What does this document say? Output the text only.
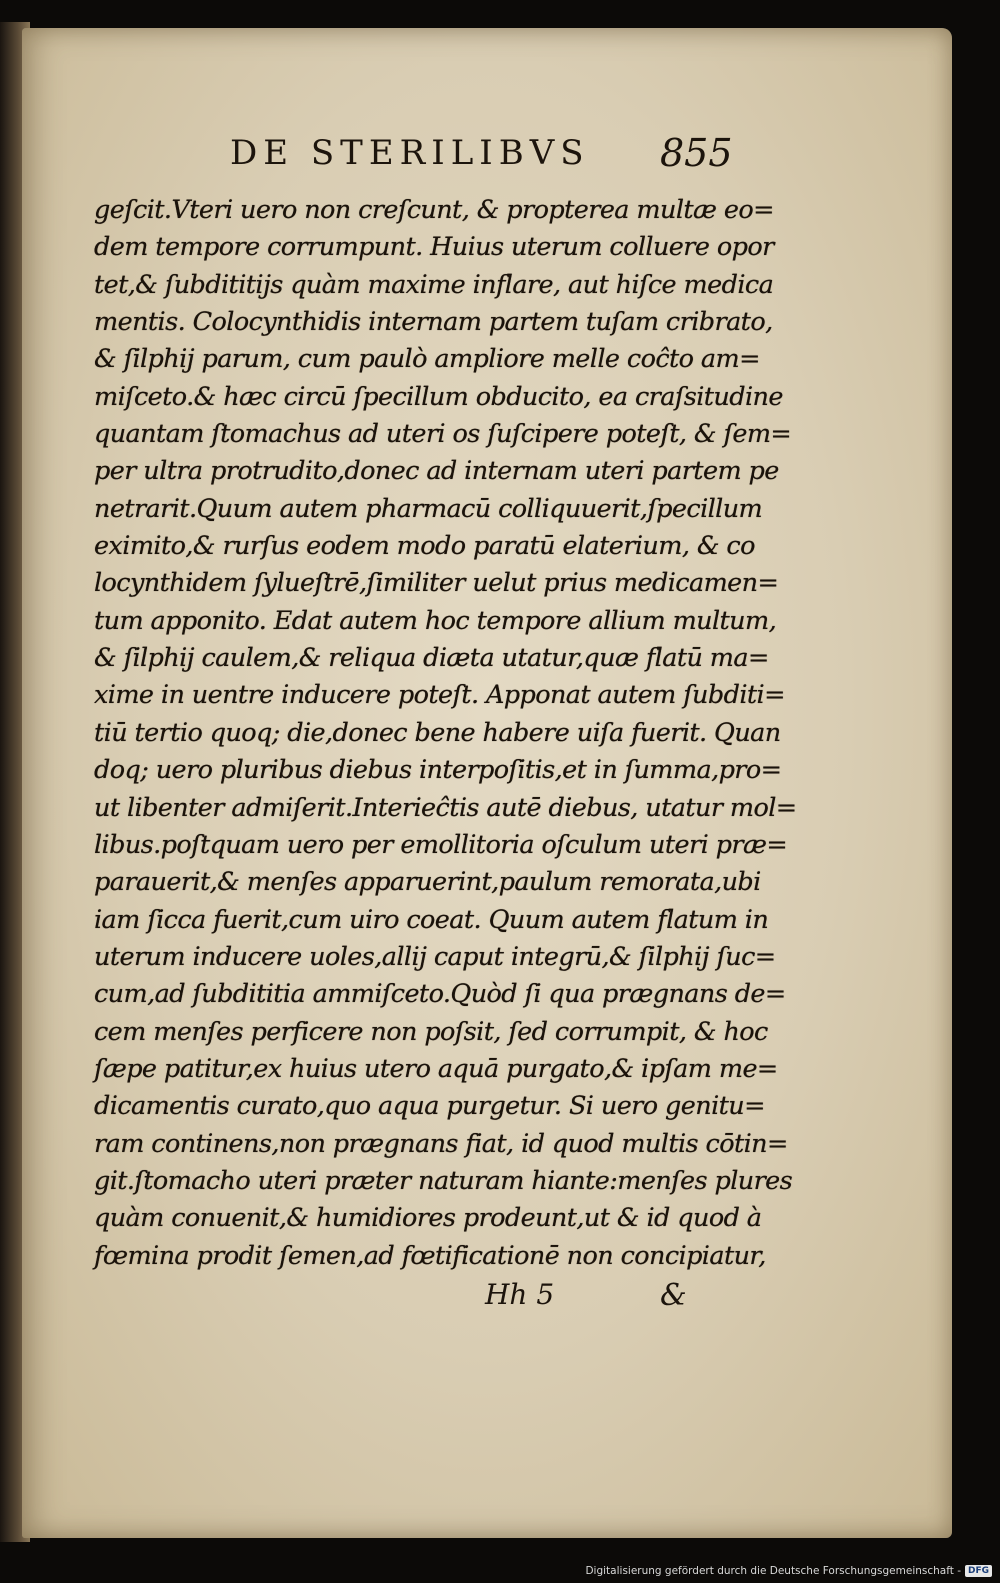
DE STERILIBVS 855
geſcit.Vteri uero non creſcunt, & propterea multæ eo=
dem tempore corrumpunt. Huius uterum colluere opor
tet,& ſubdititijs quàm maxime inflare, aut hiſce medica
mentis. Colocynthidis internam partem tuſam cribrato,
& ſilphij parum, cum paulò ampliore melle coĉto am=
miſceto.& hæc circū ſpecillum obducito, ea craſsitudine
quantam ſtomachus ad uteri os ſuſcipere poteſt, & ſem=
per ultra protrudito,donec ad internam uteri partem pe
netrarit.Quum autem pharmacū colliquuerit,ſpecillum
eximito,& rurſus eodem modo paratū elaterium, & co
locynthidem ſylueſtrē,ſimiliter uelut prius medicamen=
tum apponito. Edat autem hoc tempore allium multum,
& ſilphij caulem,& reliqua diæta utatur,quæ flatū ma=
xime in uentre inducere poteſt. Apponat autem ſubditi=
tiū tertio quoq; die,donec bene habere uiſa fuerit. Quan
doq; uero pluribus diebus interpoſitis,et in ſumma,pro=
ut libenter admiſerit.Interieĉtis autē diebus, utatur mol=
libus.poſtquam uero per emollitoria oſculum uteri præ=
parauerit,& menſes apparuerint,paulum remorata,ubi
iam ſicca fuerit,cum uiro coeat. Quum autem flatum in
uterum inducere uoles,allij caput integrū,& ſilphij ſuc=
cum,ad ſubdititia ammiſceto.Quòd ſi qua prægnans de=
cem menſes perficere non poſsit, ſed corrumpit, & hoc
ſæpe patitur,ex huius utero aquā purgato,& ipſam me=
dicamentis curato,quo aqua purgetur. Si uero genitu=
ram continens,non prægnans fiat, id quod multis cōtin=
git.ſtomacho uteri præter naturam hiante:menſes plures
quàm conuenit,& humidiores prodeunt,ut & id quod à
fœmina prodit ſemen,ad fœtificationē non concipiatur,
Hh 5	&
Digitalisierung gefördert durch die Deutsche Forschungsgemeinschaft - DFG
